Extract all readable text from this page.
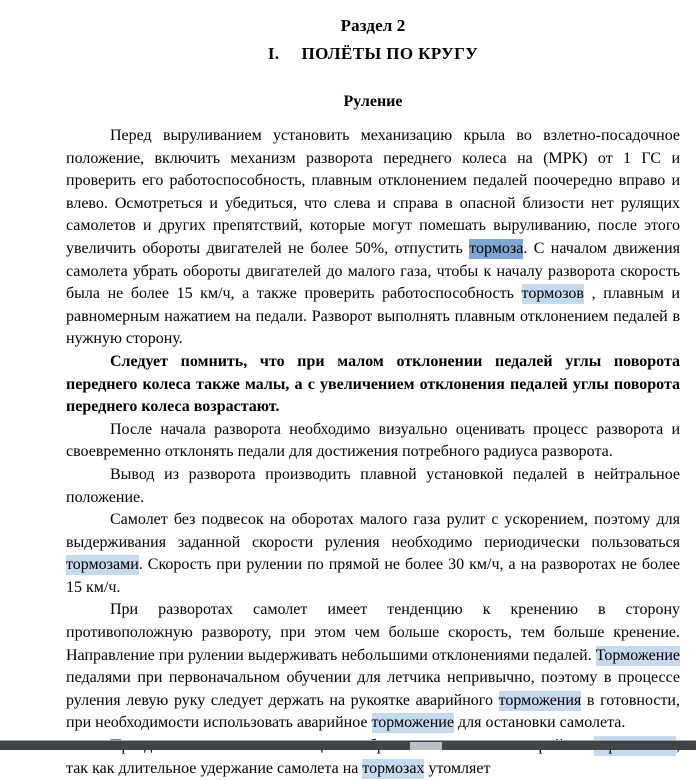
Раздел 2
I. ПОЛЁТЫ ПО КРУГУ
Руление

Перед выруливанием установить механизацию крыла во взлетно-посадочное положение, включить механизм разворота переднего колеса на (МРК) от 1 ГС и проверить его работоспособность, плавным отклонением педалей поочередно вправо и влево. Осмотреться и убедиться, что слева и справа в опасной близости нет рулящих самолетов и других препятствий, которые могут помешать выруливанию, после этого увеличить обороты двигателей не более 50%, отпустить тормоза. С началом движения самолета убрать обороты двигателей до малого газа, чтобы к началу разворота скорость была не более 15 км/ч, а также проверить работоспособность тормозов , плавным и равномерным нажатием на педали. Разворот выполнять плавным отклонением педалей в нужную сторону.

Следует помнить, что при малом отклонении педалей углы поворота переднего колеса также малы, а с увеличением отклонения педалей углы поворота переднего колеса возрастают.

После начала разворота необходимо визуально оценивать процесс разворота и своевременно отклонять педали для достижения потребного радиуса разворота.

Вывод из разворота производить плавной установкой педалей в нейтральное положение.

Самолет без подвесок на оборотах малого газа рулит с ускорением, поэтому для выдерживания заданной скорости руления необходимо периодически пользоваться тормозами. Скорость при рулении по прямой не более 30 км/ч, а на разворотах не более 15 км/ч.

При разворотах самолет имеет тенденцию к кренению в сторону противоположную развороту, при этом чем больше скорость, тем больше кренение. Направление при рулении выдерживать небольшими отклонениями педалей. Торможение педалями при первоначальном обучении для летчика непривычно, поэтому в процессе руления левую руку следует держать на рукоятке аварийного торможения в готовности, при необходимости использовать аварийное торможение для остановки самолета.

так как длительное удержание самолета на тормозах утомляет
